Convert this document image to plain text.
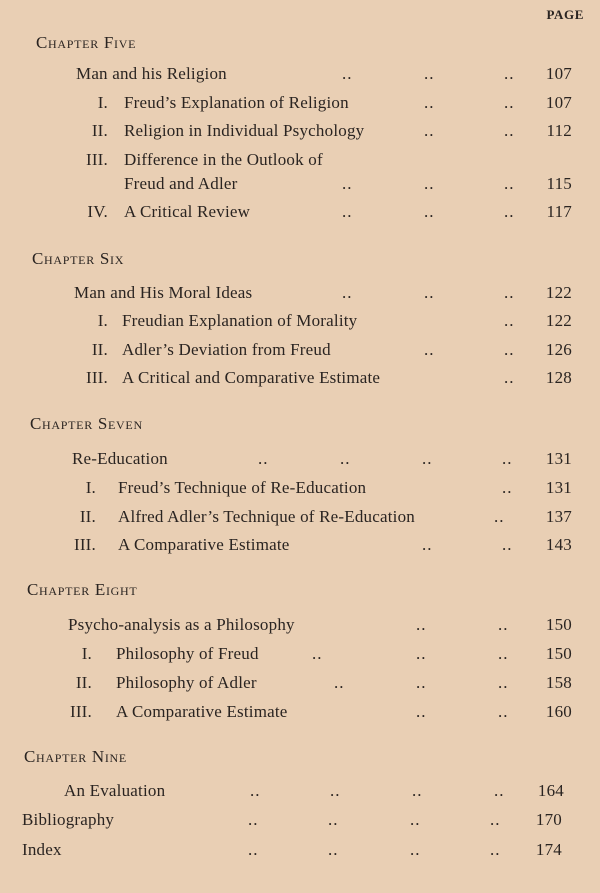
PAGE
Chapter Five
Man and his Religion	..	..	..	107
I. Freud’s Explanation of Religion	..	..	107
II. Religion in Individual Psychology	..	..	112
III. Difference in the Outlook of
Freud and Adler	..	..	..	115
IV. A Critical Review	..	..	..	117
Chapter Six
Man and His Moral Ideas	..	..	..	122
I. Freudian Explanation of Morality	..	122
II. Adler’s Deviation from Freud	..	..	126
III. A Critical and Comparative Estimate	..	128
Chapter Seven
Re-Education	..	..	..	..	131
I. Freud’s Technique of Re-Education	..	131
II. Alfred Adler’s Technique of Re-Education	..	137
III. A Comparative Estimate	..	..	143
Chapter Eight
Psycho-analysis as a Philosophy	..	..	150
I. Philosophy of Freud	..	..	..	150
II. Philosophy of Adler	..	..	..	158
III. A Comparative Estimate	..	..	160
Chapter Nine
An Evaluation	..	..	..	..	164
Bibliography	..	..	..	..	170
Index	..	..	..	..	174
